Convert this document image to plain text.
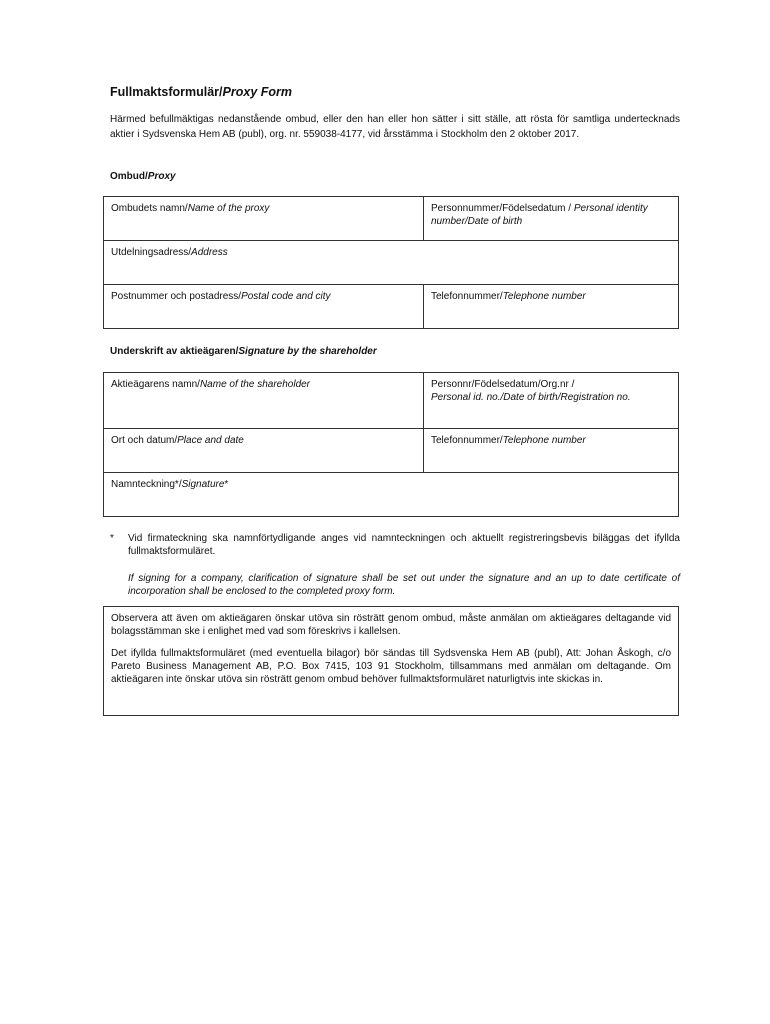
Fullmaktsformulär/Proxy Form
Härmed befullmäktigas nedanstående ombud, eller den han eller hon sätter i sitt ställe, att rösta för samtliga undertecknads aktier i Sydsvenska Hem AB (publ), org. nr. 559038-4177, vid årsstämma i Stockholm den 2 oktober 2017.
Ombud/Proxy
Ombudets namn/Name of the proxy	Personnummer/Födelsedatum / Personal identity number/Date of birth
Utdelningsadress/Address	
Postnummer och postadress/Postal code and city	Telefonnummer/Telephone number
Underskrift av aktieägaren/Signature by the shareholder
Aktieägarens namn/Name of the shareholder	Personnr/Födelsedatum/Org.nr /
Personal id. no./Date of birth/Registration no.
Ort och datum/Place and date	Telefonnummer/Telephone number
Namnteckning*/Signature*	
* Vid firmateckning ska namnförtydligande anges vid namnteckningen och aktuellt registreringsbevis biläggas det ifyllda fullmaktsformuläret.
If signing for a company, clarification of signature shall be set out under the signature and an up to date certificate of incorporation shall be enclosed to the completed proxy form.

Observera att även om aktieägaren önskar utöva sin rösträtt genom ombud, måste anmälan om aktieägares deltagande vid bolagsstämman ske i enlighet med vad som föreskrivs i kallelsen.

Det ifyllda fullmaktsformuläret (med eventuella bilagor) bör sändas till Sydsvenska Hem AB (publ), Att: Johan Åskogh, c/o Pareto Business Management AB, P.O. Box 7415, 103 91 Stockholm, tillsammans med anmälan om deltagande. Om aktieägaren inte önskar utöva sin rösträtt genom ombud behöver fullmaktsformuläret naturligtvis inte skickas in.
